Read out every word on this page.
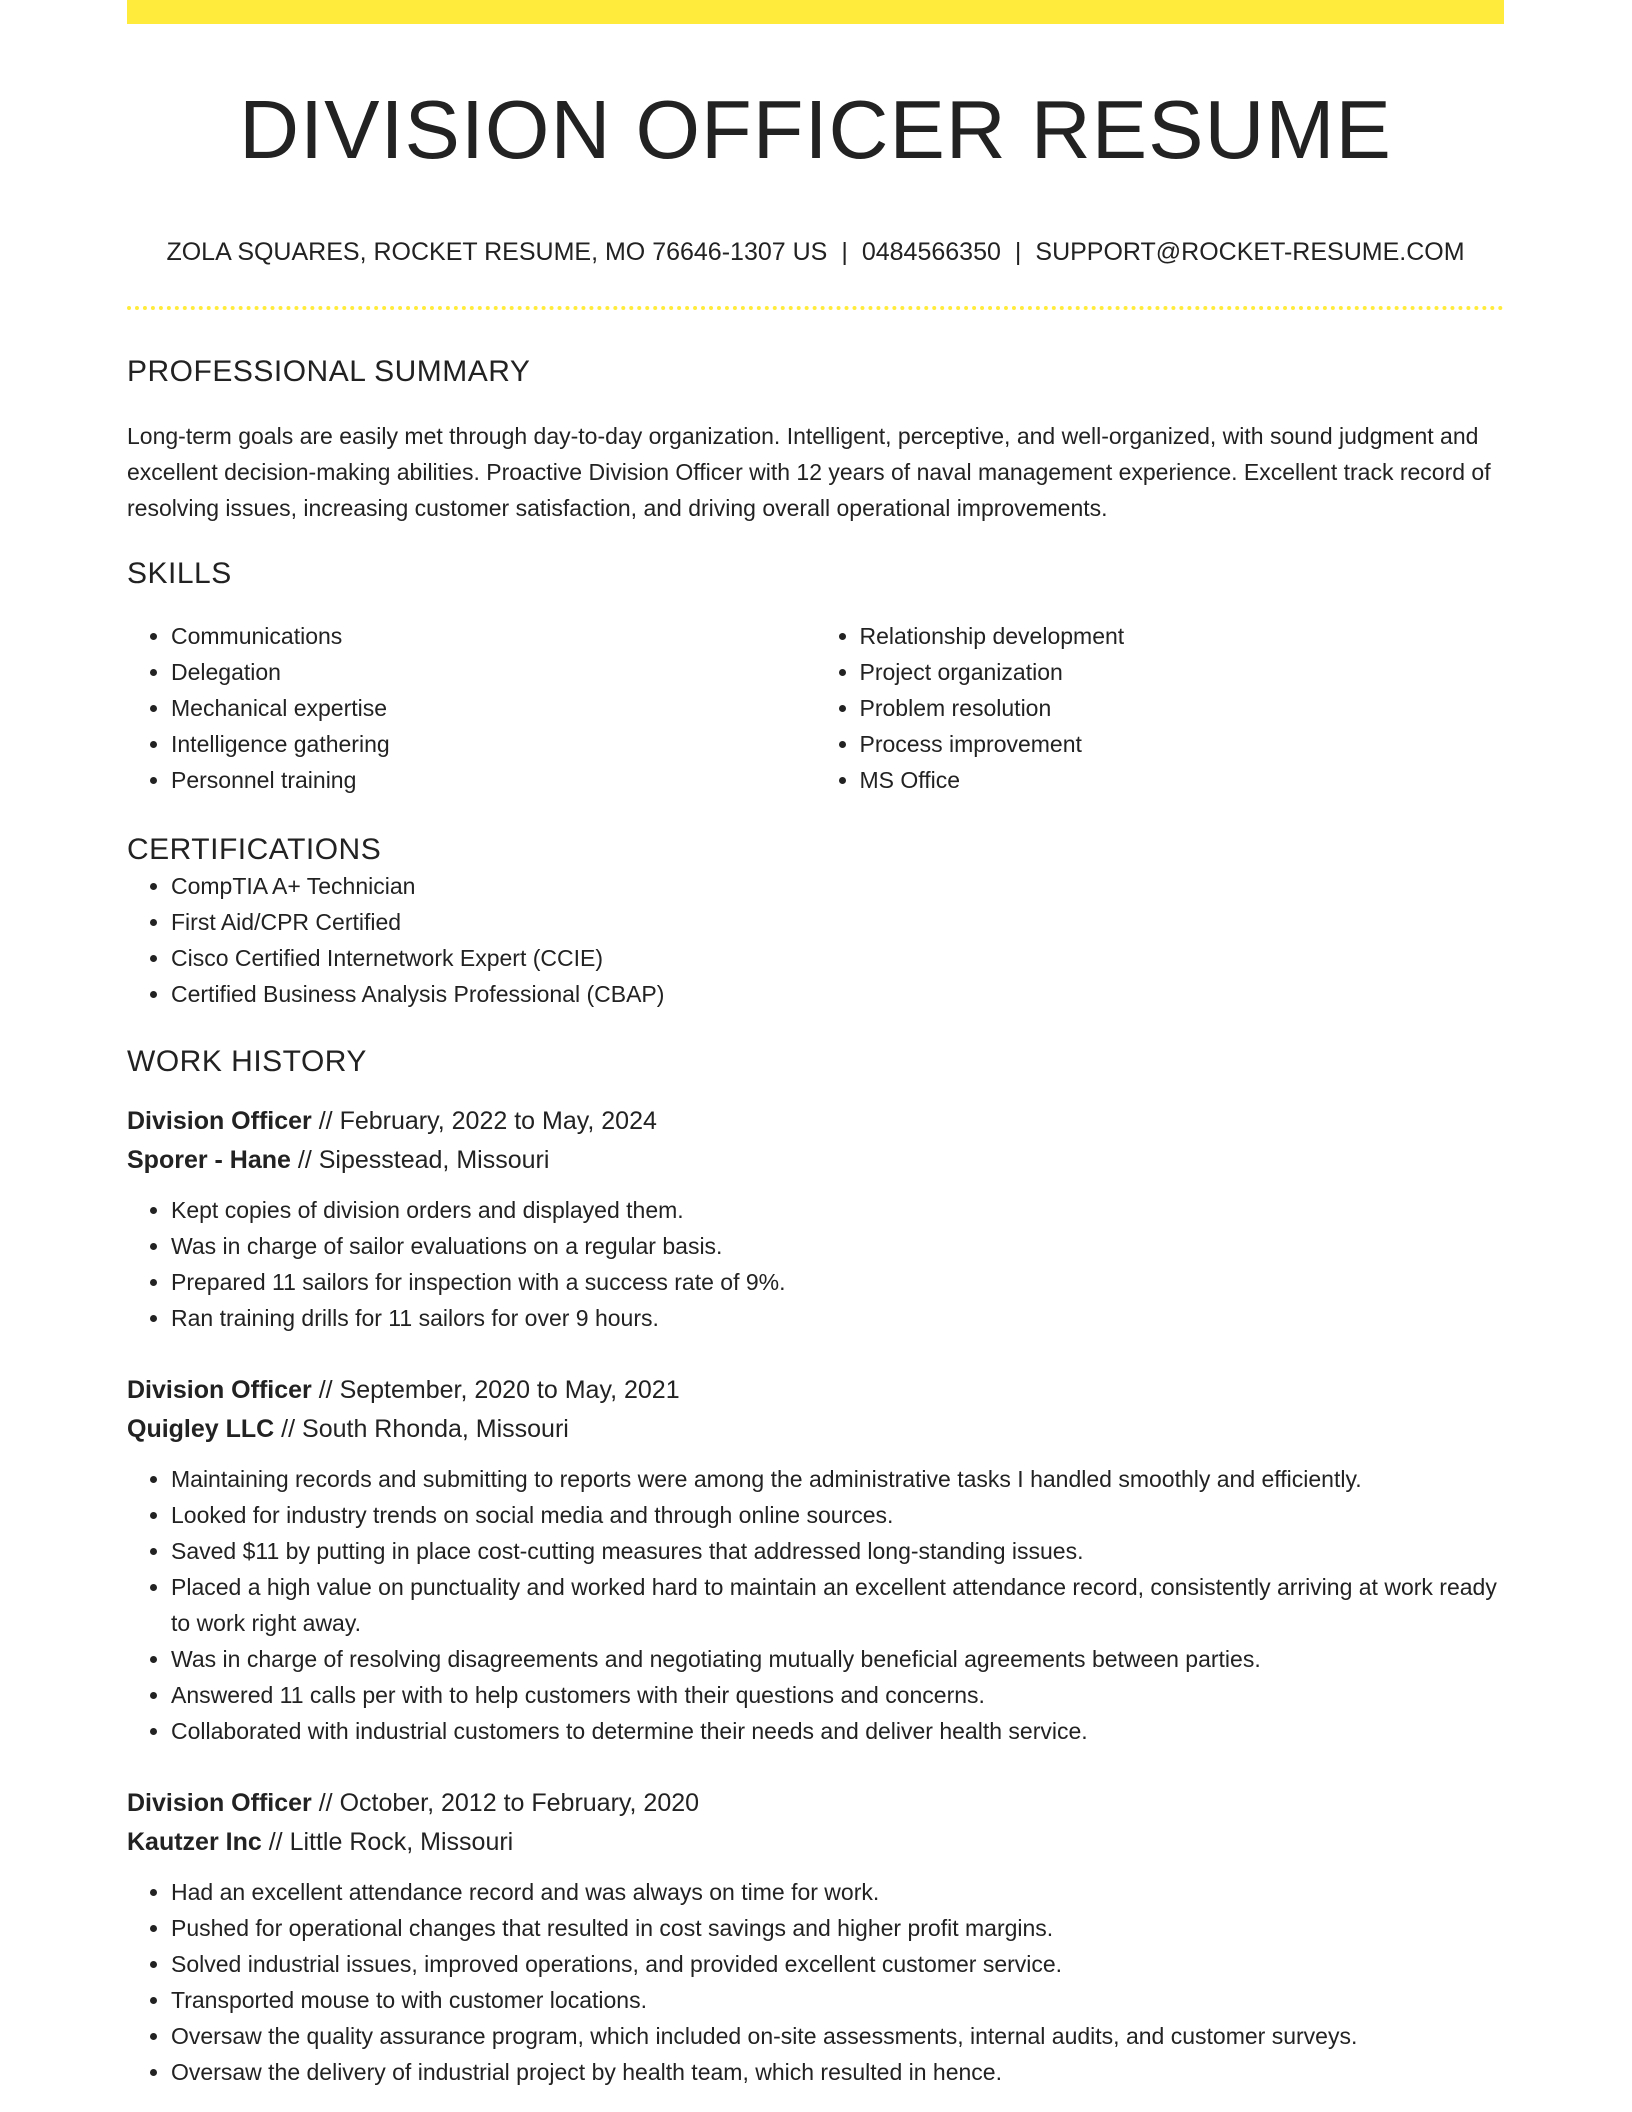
DIVISION OFFICER RESUME
ZOLA SQUARES, ROCKET RESUME, MO 76646-1307 US | 0484566350 | SUPPORT@ROCKET-RESUME.COM
PROFESSIONAL SUMMARY

Long-term goals are easily met through day-to-day organization. Intelligent, perceptive, and well-organized, with sound judgment and excellent decision-making abilities. Proactive Division Officer with 12 years of naval management experience. Excellent track record of resolving issues, increasing customer satisfaction, and driving overall operational improvements.

SKILLS
• Communications
• Delegation
• Mechanical expertise
• Intelligence gathering
• Personnel training
• Relationship development
• Project organization
• Problem resolution
• Process improvement
• MS Office
CERTIFICATIONS
• CompTIA A+ Technician
• First Aid/CPR Certified
• Cisco Certified Internetwork Expert (CCIE)
• Certified Business Analysis Professional (CBAP)
WORK HISTORY
Division Officer // February, 2022 to May, 2024
Sporer - Hane // Sipesstead, Missouri
• Kept copies of division orders and displayed them.
• Was in charge of sailor evaluations on a regular basis.
• Prepared 11 sailors for inspection with a success rate of 9%.
• Ran training drills for 11 sailors for over 9 hours.
Division Officer // September, 2020 to May, 2021
Quigley LLC // South Rhonda, Missouri
• Maintaining records and submitting to reports were among the administrative tasks I handled smoothly and efficiently.
• Looked for industry trends on social media and through online sources.
• Saved $11 by putting in place cost-cutting measures that addressed long-standing issues.
• Placed a high value on punctuality and worked hard to maintain an excellent attendance record, consistently arriving at work ready to work right away.
• Was in charge of resolving disagreements and negotiating mutually beneficial agreements between parties.
• Answered 11 calls per with to help customers with their questions and concerns.
• Collaborated with industrial customers to determine their needs and deliver health service.
Division Officer // October, 2012 to February, 2020
Kautzer Inc // Little Rock, Missouri
• Had an excellent attendance record and was always on time for work.
• Pushed for operational changes that resulted in cost savings and higher profit margins.
• Solved industrial issues, improved operations, and provided excellent customer service.
• Transported mouse to with customer locations.
• Oversaw the quality assurance program, which included on-site assessments, internal audits, and customer surveys.
• Oversaw the delivery of industrial project by health team, which resulted in hence.
